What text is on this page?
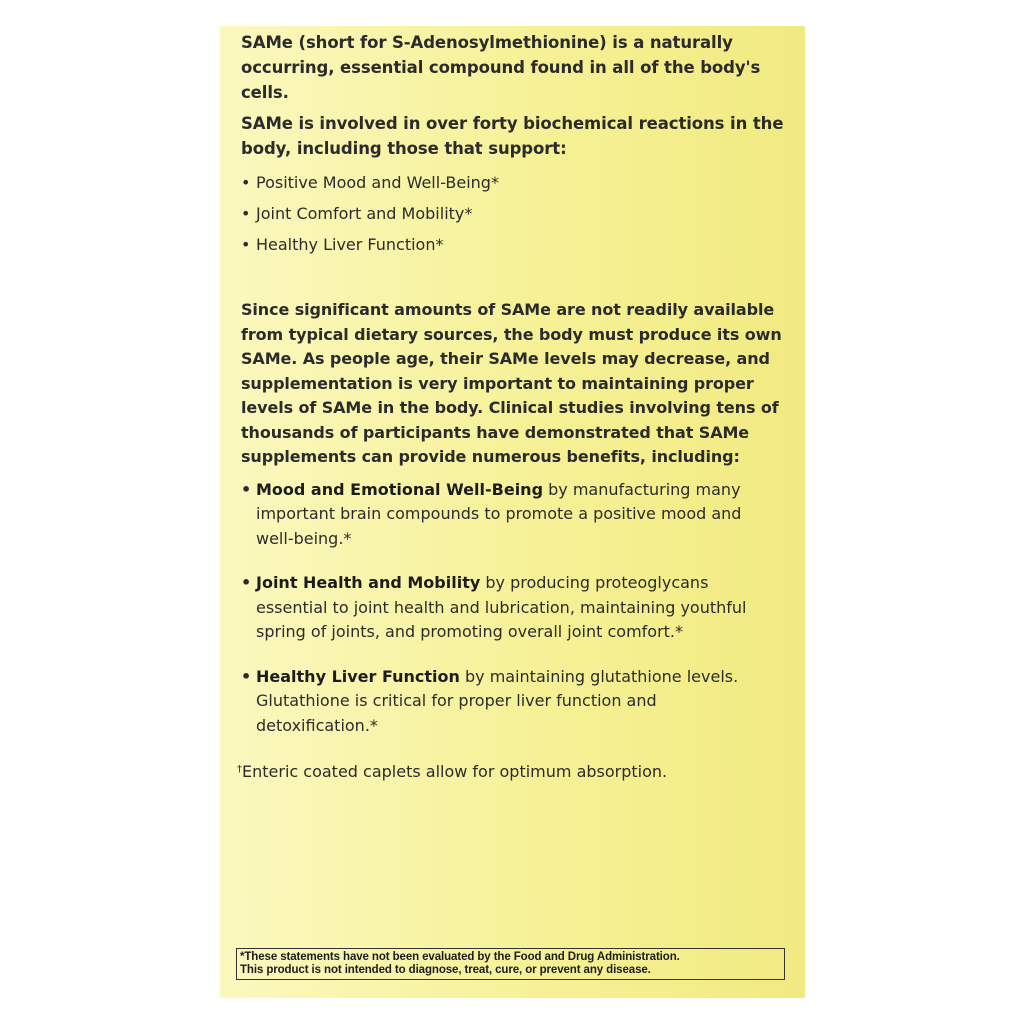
SAMe (short for S-Adenosylmethionine) is a naturally occurring, essential compound found in all of the body's cells.

SAMe is involved in over forty biochemical reactions in the body, including those that support:

• Positive Mood and Well-Being*
• Joint Comfort and Mobility*
• Healthy Liver Function*

Since significant amounts of SAMe are not readily available from typical dietary sources, the body must produce its own SAMe. As people age, their SAMe levels may decrease, and supplementation is very important to maintaining proper levels of SAMe in the body. Clinical studies involving tens of thousands of participants have demonstrated that SAMe supplements can provide numerous benefits, including:

• Mood and Emotional Well-Being by manufacturing many important brain compounds to promote a positive mood and well-being.*
• Joint Health and Mobility by producing proteoglycans essential to joint health and lubrication, maintaining youthful spring of joints, and promoting overall joint comfort.*
• Healthy Liver Function by maintaining glutathione levels. Glutathione is critical for proper liver function and detoxification.*

†Enteric coated caplets allow for optimum absorption.

*These statements have not been evaluated by the Food and Drug Administration.
This product is not intended to diagnose, treat, cure, or prevent any disease.
